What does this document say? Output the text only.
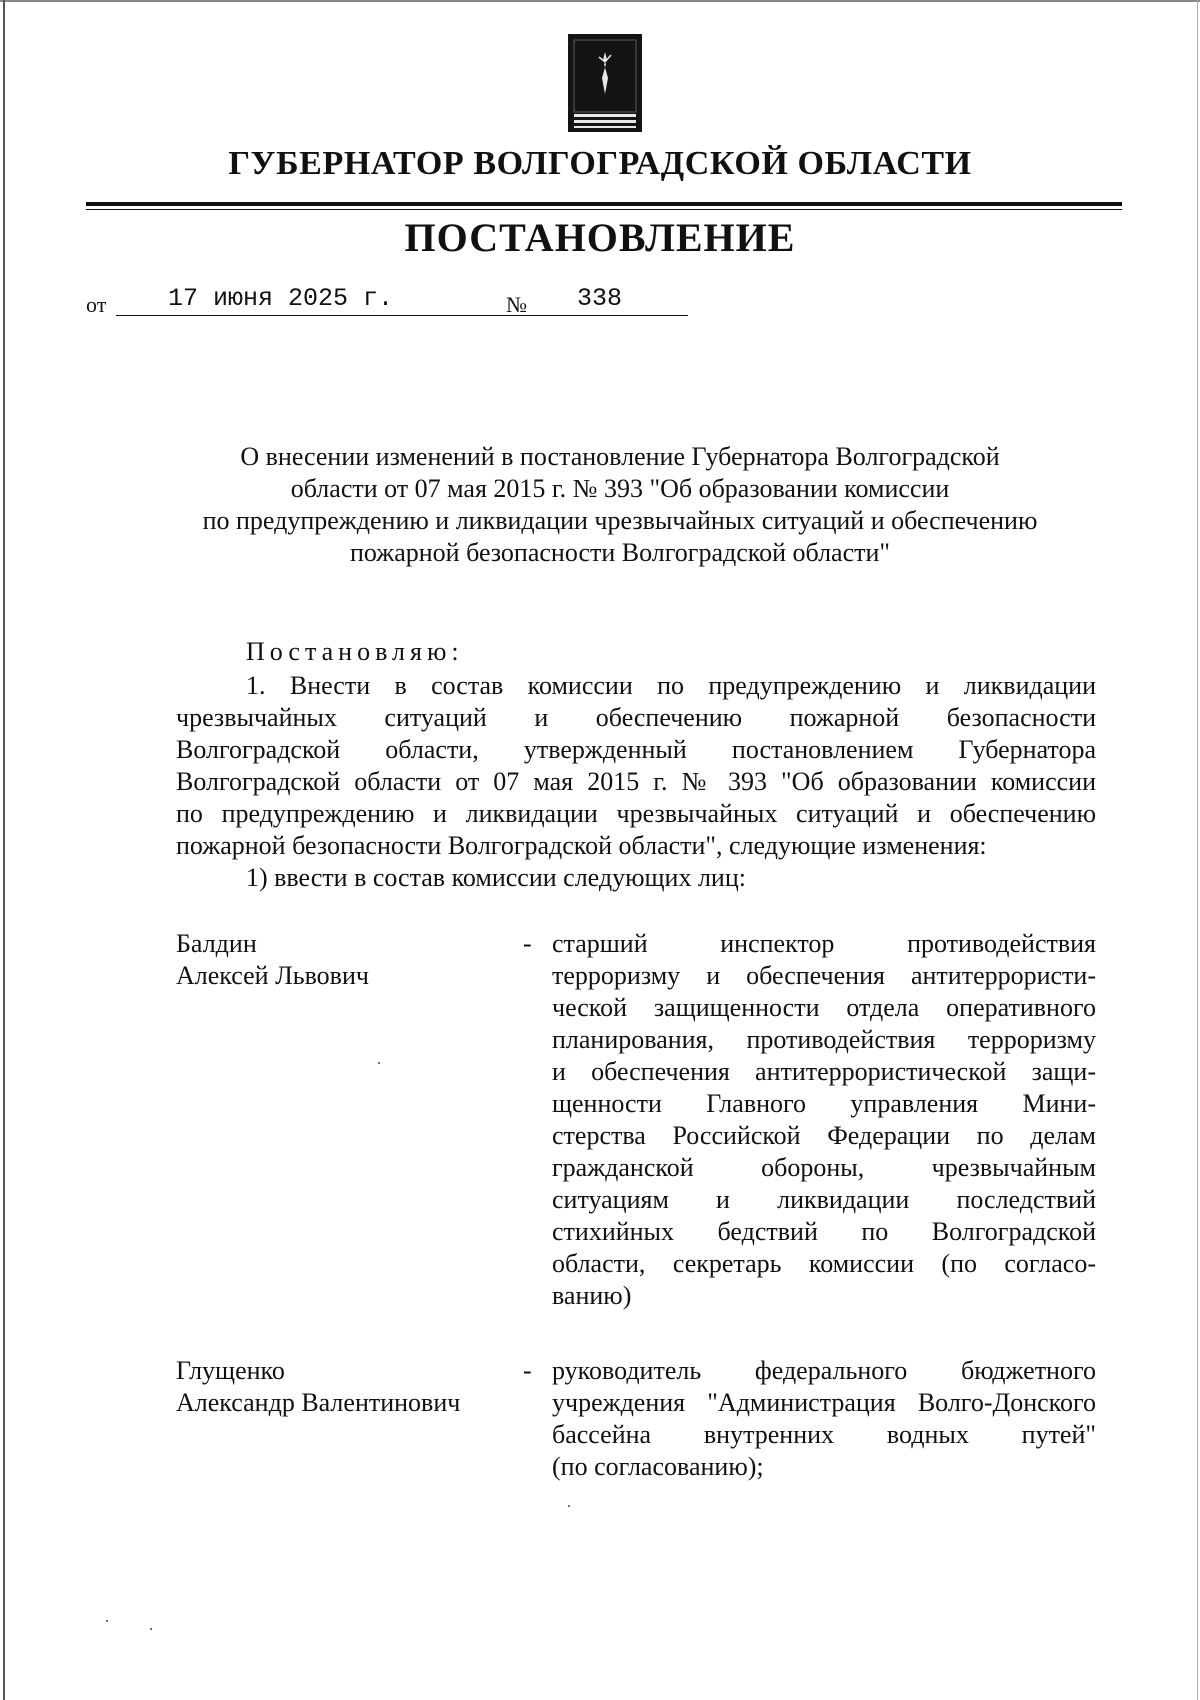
ГУБЕРНАТОР ВОЛГОГРАДСКОЙ ОБЛАСТИ
ПОСТАНОВЛЕНИЕ
от 17 июня 2025 г.	№ 338
О внесении изменений в постановление Губернатора Волгоградской
области от 07 мая 2015 г. № 393 "Об образовании комиссии
по предупреждению и ликвидации чрезвычайных ситуаций и обеспечению
пожарной безопасности Волгоградской области"
Постановляю:

1. Внести в состав комиссии по предупреждению и ликвидации

чрезвычайных ситуаций и обеспечению пожарной безопасности

Волгоградской области, утвержденный постановлением Губернатора

Волгоградской области от 07 мая 2015 г. № 393 "Об образовании комиссии

по предупреждению и ликвидации чрезвычайных ситуаций и обеспечению

пожарной безопасности Волгоградской области", следующие изменения:

1) ввести в состав комиссии следующих лиц:

Балдин
Алексей Львович
- старший инспектор противодействия
терроризму и обеспечения антитеррористи-
ческой защищенности отдела оперативного
планирования, противодействия терроризму
и обеспечения антитеррористической защи-
щенности Главного управления Мини-
стерства Российской Федерации по делам
гражданской обороны, чрезвычайным
ситуациям и ликвидации последствий
стихийных бедствий по Волгоградской
области, секретарь комиссии (по согласо-
ванию)
Глущенко
Александр Валентинович
- руководитель федерального бюджетного
учреждения "Администрация Волго-Донского
бассейна внутренних водных путей"
(по согласованию);
